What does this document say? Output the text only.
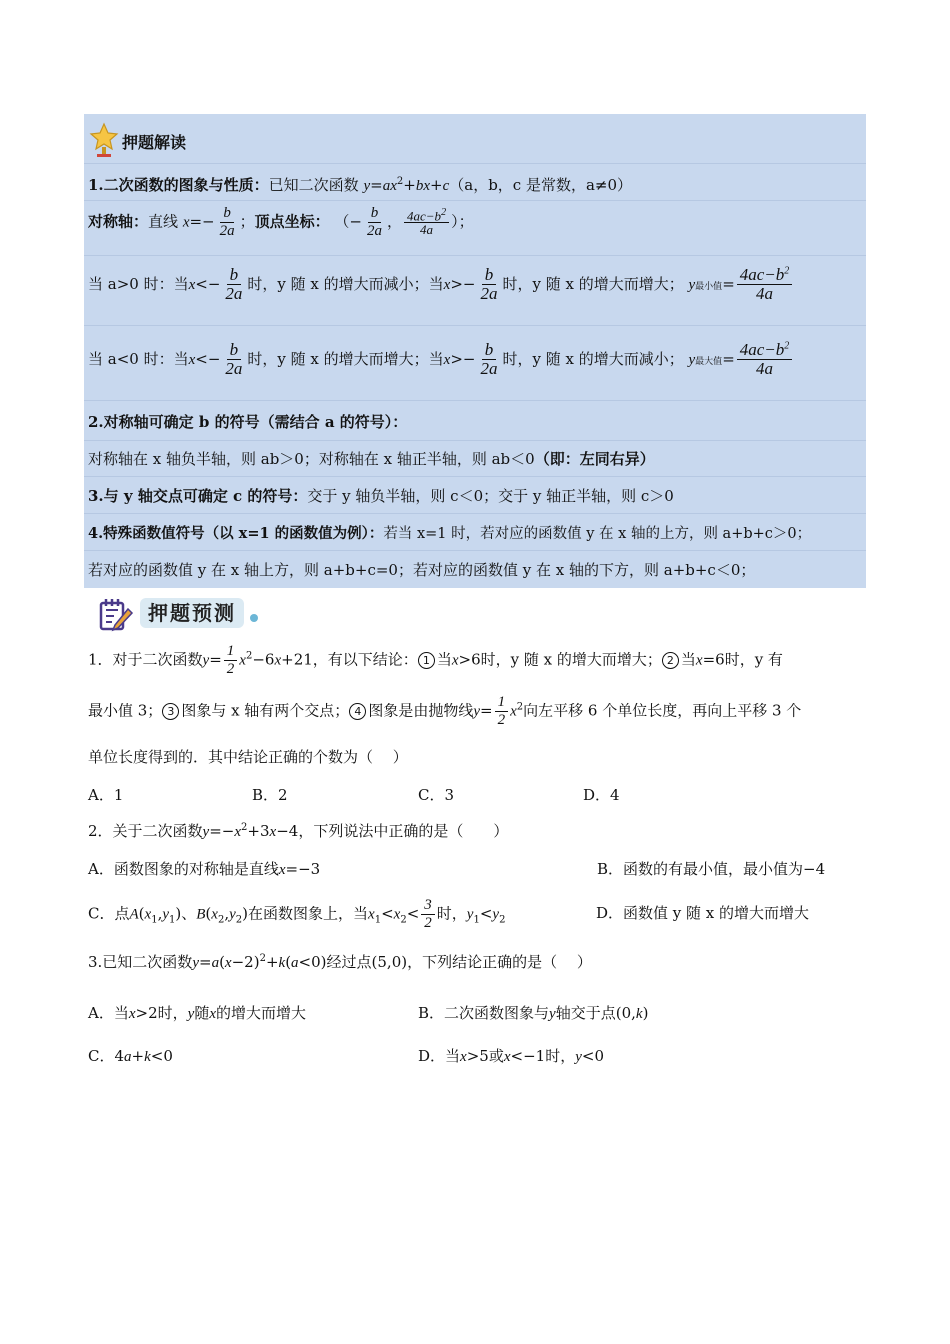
押题解读
1.二次函数的图象与性质：已知二次函数 $y=ax^2+bx+c(a$，b，c 是常数，a≠0）
对称轴：直线 $x=- \frac{b}{2a}$ ；顶点坐标： （− $\frac{b}{2a}$ ， $\frac{4ac-b^2}{4a}$ ）；
当 a>0 时：当$x<- \frac{b}{2a}$ 时，y 随 x 的增大而减小；当$x>- \frac{b}{2a}$ 时，y 随 x 的增大而增大； y最小值= $\frac{4ac-b^2}{4a}$
当 a<0 时：当$x<- \frac{b}{2a}$ 时，y 随 x 的增大而增大；当$x>- \frac{b}{2a}$ 时，y 随 x 的增大而减小； y最大值= $\frac{4ac-b^2}{4a}$
2.对称轴可确定 b 的符号（需结合 a 的符号）：
对称轴在 x 轴负半轴，则 ab＞0；对称轴在 x 轴正半轴，则 ab＜0（即：左同右异）
3.与 y 轴交点可确定 c 的符号：交于 y 轴负半轴，则 c＜0；交于 y 轴正半轴，则 c＞0
4.特殊函数值符号（以 x=1 的函数值为例）：若当 x=1 时，若对应的函数值 y 在 x 轴的上方，则 a+b+c＞0；
若对应的函数值 y 在 x 轴上方，则 a+b+c=0；若对应的函数值 y 在 x 轴的下方，则 a+b+c＜0；
押题预测
1．对于二次函数$y= \frac{1}{2} x^2-6x+21$，有以下结论： 1 当x>6时，y 随 x 的增大而增大； 2 当x=6时，y 有
最小值 3； 3 图象与 x 轴有两个交点； 4 图象是由抛物线$y= \frac{1}{2} x^2$向左平移 6 个单位长度，再向上平移 3 个
单位长度得到的．其中结论正确的个数为（　 ）
A．1	B．2	C．3	D．4
2．关于二次函数$y=-x^2+3x-4$，下列说法中正确的是（　　）
A．函数图象的对称轴是直线x=−3	B．函数的有最小值，最小值为−4
C．点$A(x_1,y_1)$、$B(x_2,y_2)$在函数图象上，当$x_1<x_2< \frac{3}{2}$ 时，$y_1<y_2$	D．函数值 y 随 x 的增大而增大
3.已知二次函数$y=a(x-2)^2+k(a<0)$经过点(5,0)，下列结论正确的是（　 ）
A．当x>2时，y随x的增大而增大	B．二次函数图象与y轴交于点(0,k)
C．4a+k<0	D．当x>5或x<−1时，y<0
